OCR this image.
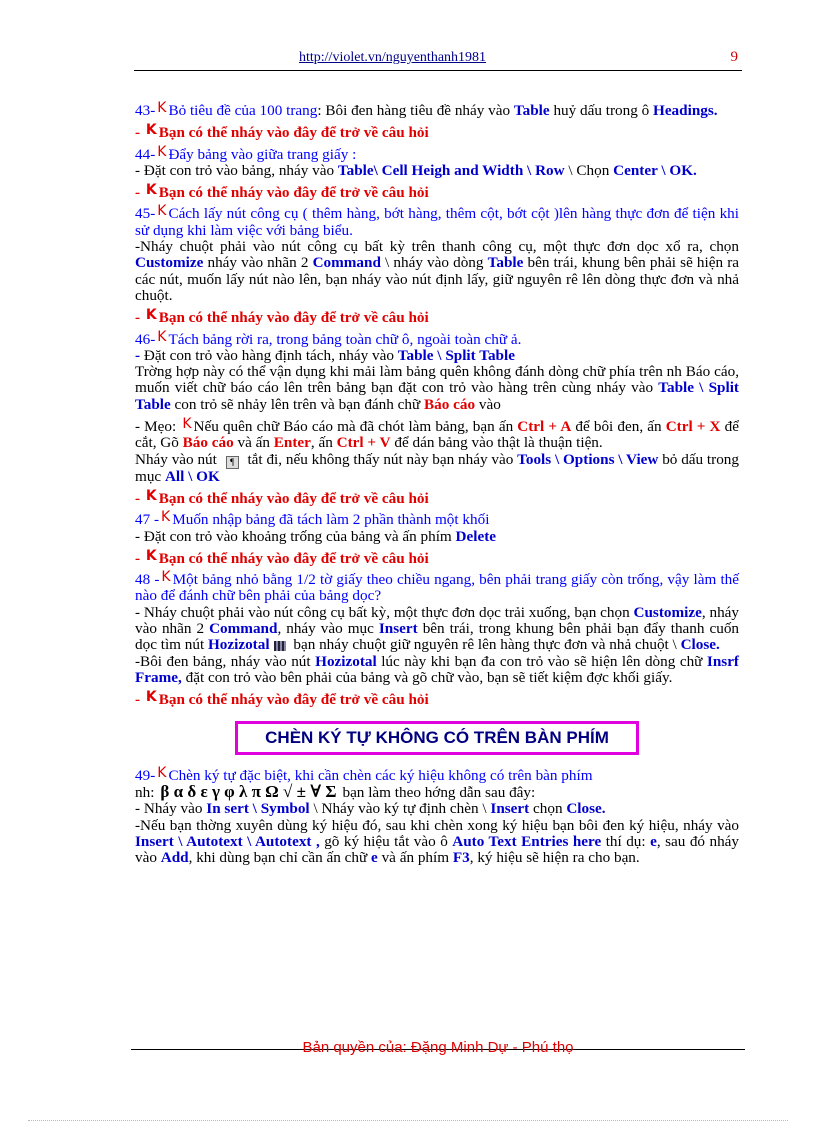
http://violet.vn/nguyenthanh1981	9

43- K Bỏ tiêu đề của 100 trang: Bôi đen hàng tiêu đề nháy vào Table huỷ dấu trong ô Headings.

- K Bạn có thể nháy vào đây để trở về câu hỏi

44- K Đẩy bảng vào giữa trang giấy :

- Đặt con trỏ vào bảng, nháy vào Table\ Cell Heigh and Width \ Row \ Chọn Center \ OK.

- K Bạn có thể nháy vào đây để trở về câu hỏi

45- K Cách lấy nút công cụ ( thêm hàng, bớt hàng, thêm cột, bớt cột )lên hàng thực đơn để tiện khi sử dụng khi làm việc với bảng biểu.

-Nháy chuột phải vào nút công cụ bất kỳ trên thanh công cụ, một thực đơn dọc xổ ra, chọn Customize nháy vào nhãn 2 Command \ nháy vào dòng Table bên trái, khung bên phải sẽ hiện ra các nút, muốn lấy nút nào lên, bạn nháy vào nút định lấy, giữ nguyên rê lên dòng thực đơn và nhả chuột.

- K Bạn có thể nháy vào đây để trở về câu hỏi

46- K Tách bảng rời ra, trong bảng toàn chữ ô, ngoài toàn chữ ả.

- Đặt con trỏ vào hàng định tách, nháy vào Table \ Split Table

Trờng hợp này có thể vận dụng khi mải làm bảng quên không đánh dòng chữ phía trên nh Báo cáo, muốn viết chữ báo cáo lên trên bảng bạn đặt con trỏ vào hàng trên cùng nháy vào Table \ Split Table con trỏ sẽ nhảy lên trên và bạn đánh chữ Báo cáo vào

- Mẹo: K Nếu quên chữ Báo cáo mà đã chót làm bảng, bạn ấn Ctrl + A để bôi đen, ấn Ctrl + X để cắt, Gõ Báo cáo và ấn Enter, ấn Ctrl + V để dán bảng vào thật là thuận tiện.

Nháy vào nút ¶ tắt đi, nếu không thấy nút này bạn nháy vào Tools \ Options \ View bỏ dấu trong mục All \ OK

- K Bạn có thể nháy vào đây để trở về câu hỏi

47 - K Muốn nhập bảng đã tách làm 2 phần thành một khối

- Đặt con trỏ vào khoảng trống của bảng và ấn phím Delete

- K Bạn có thể nháy vào đây để trở về câu hỏi

48 - K Một bảng nhỏ bằng 1/2 tờ giấy theo chiều ngang, bên phải trang giấy còn trống, vậy làm thế nào để đánh chữ bên phải của bảng dọc?

- Nháy chuột phải vào nút công cụ bất kỳ, một thực đơn dọc trải xuống, bạn chọn Customize, nháy vào nhãn 2 Command, nháy vào mục Insert bên trái, trong khung bên phải bạn đẩy thanh cuốn dọc tìm nút Hozizotal bạn nháy chuột giữ nguyên rê lên hàng thực đơn và nhả chuột \ Close.

-Bôi đen bảng, nháy vào nút Hozizotal lúc này khi bạn đa con trỏ vào sẽ hiện lên dòng chữ Insrf Frame, đặt con trỏ vào bên phải của bảng và gõ chữ vào, bạn sẽ tiết kiệm đợc khối giấy.

- K Bạn có thể nháy vào đây để trở về câu hỏi

CHÈN KÝ TỰ KHÔNG CÓ TRÊN BÀN PHÍM

49- K Chèn ký tự đặc biệt, khi cần chèn các ký hiệu không có trên bàn phím

nh: β α δ ε γ φ λ π Ω √ ± ∀ Σ bạn làm theo hớng dẫn sau đây:

- Nháy vào In sert \ Symbol \ Nháy vào ký tự định chèn \ Insert chọn Close.

-Nếu bạn thờng xuyên dùng ký hiệu đó, sau khi chèn xong ký hiệu bạn bôi đen ký hiệu, nháy vào Insert \ Autotext \ Autotext , gõ ký hiệu tắt vào ô Auto Text Entries here thí dụ: e, sau đó nháy vào Add, khi dùng bạn chỉ cần ấn chữ e và ấn phím F3, ký hiệu sẽ hiện ra cho bạn.

Bản quyền của: Đặng Minh Dự - Phú thọ
